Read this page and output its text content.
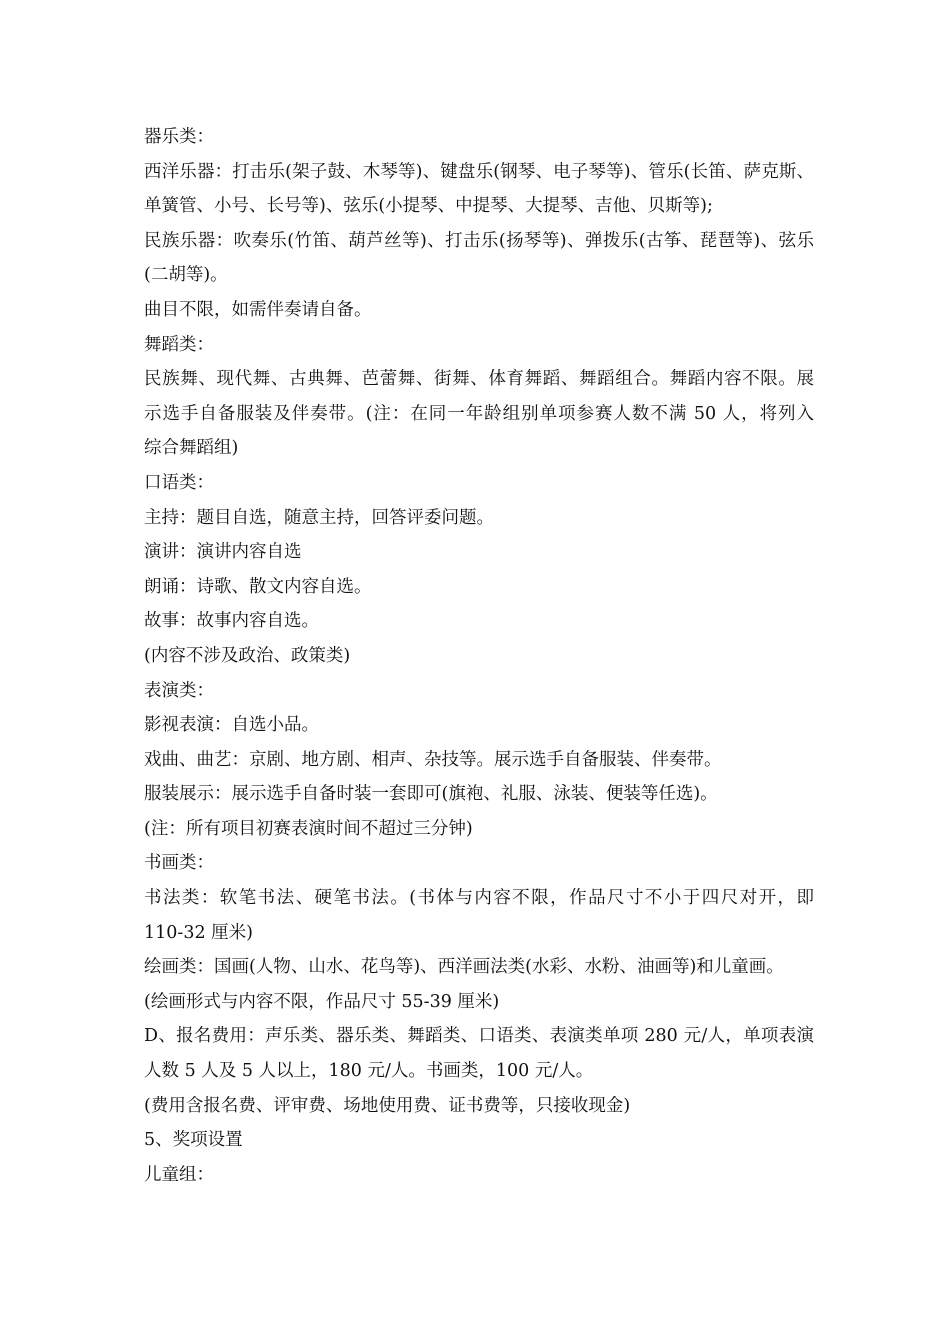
器乐类：
西洋乐器：打击乐(架子鼓、木琴等)、键盘乐(钢琴、电子琴等)、管乐(长笛、萨克斯、
单簧管、小号、长号等)、弦乐(小提琴、中提琴、大提琴、吉他、贝斯等);
民族乐器：吹奏乐(竹笛、葫芦丝等)、打击乐(扬琴等)、弹拨乐(古筝、琵琶等)、弦乐
(二胡等)。
曲目不限，如需伴奏请自备。
舞蹈类：
民族舞、现代舞、古典舞、芭蕾舞、街舞、体育舞蹈、舞蹈组合。舞蹈内容不限。展
示选手自备服装及伴奏带。(注：在同一年龄组别单项参赛人数不满 50 人，将列入
综合舞蹈组)
口语类：
主持：题目自选，随意主持，回答评委问题。
演讲：演讲内容自选
朗诵：诗歌、散文内容自选。
故事：故事内容自选。
(内容不涉及政治、政策类)
表演类：
影视表演：自选小品。
戏曲、曲艺：京剧、地方剧、相声、杂技等。展示选手自备服装、伴奏带。
服装展示：展示选手自备时装一套即可(旗袍、礼服、泳装、便装等任选)。
(注：所有项目初赛表演时间不超过三分钟)
书画类：
书法类：软笔书法、硬笔书法。(书体与内容不限，作品尺寸不小于四尺对开，即
110-32 厘米)
绘画类：国画(人物、山水、花鸟等)、西洋画法类(水彩、水粉、油画等)和儿童画。
(绘画形式与内容不限，作品尺寸 55-39 厘米)
D、报名费用：声乐类、器乐类、舞蹈类、口语类、表演类单项 280 元/人，单项表演
人数 5 人及 5 人以上，180 元/人。书画类，100 元/人。
(费用含报名费、评审费、场地使用费、证书费等，只接收现金)
5、奖项设置
儿童组：
